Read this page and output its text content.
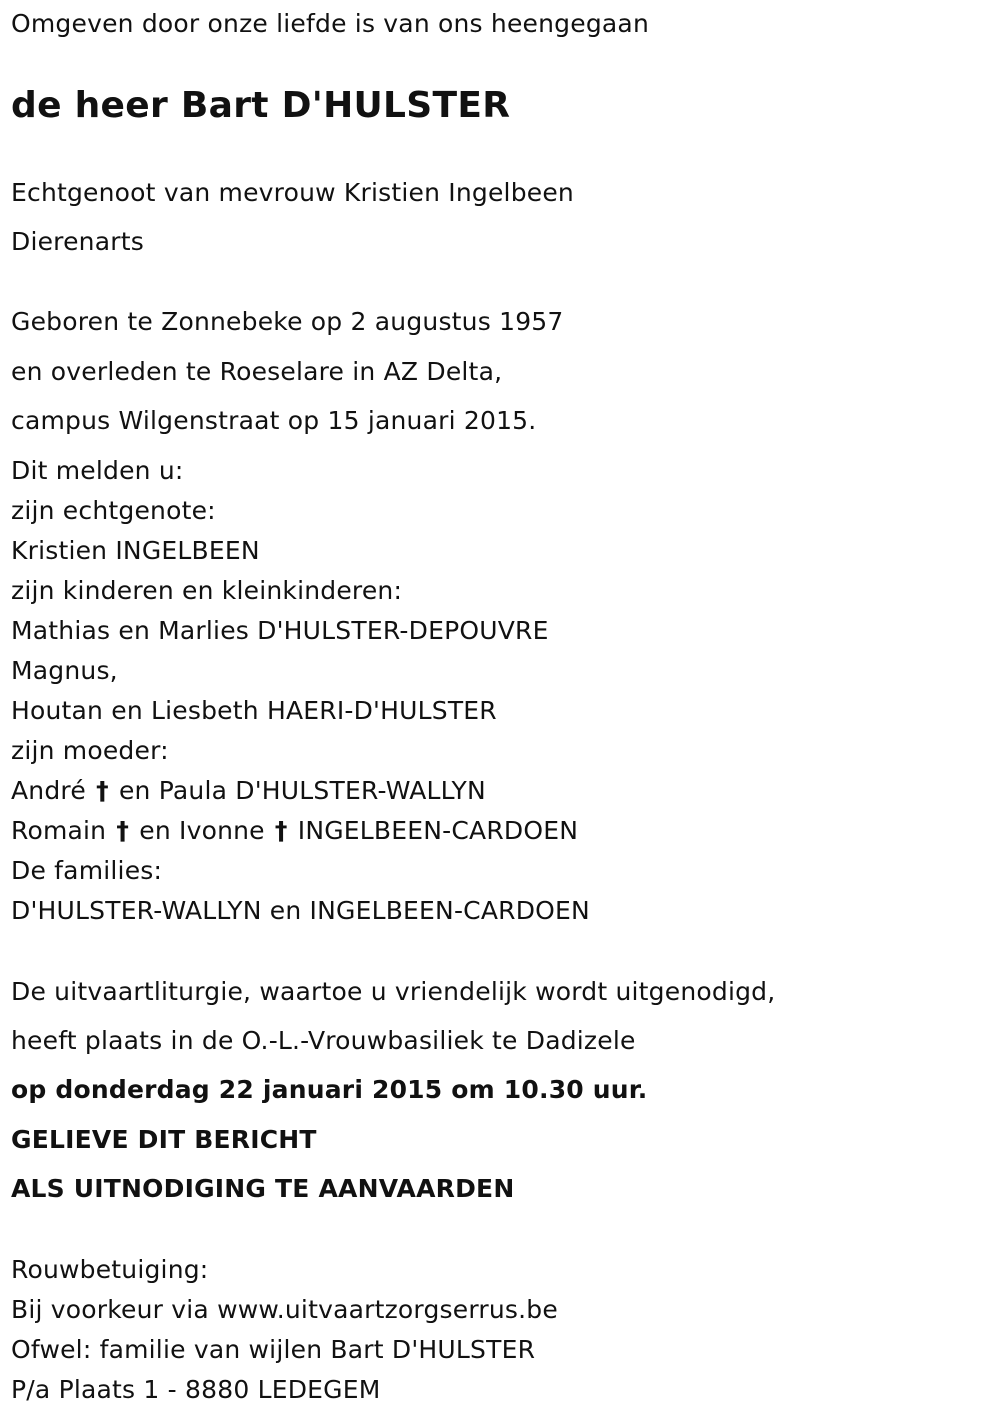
Omgeven door onze liefde is van ons heengegaan
de heer Bart D'HULSTER
Echtgenoot van mevrouw Kristien Ingelbeen
Dierenarts
Geboren te Zonnebeke op 2 augustus 1957
en overleden te Roeselare in AZ Delta,
campus Wilgenstraat op 15 januari 2015.
Dit melden u:
zijn echtgenote:
Kristien INGELBEEN
zijn kinderen en kleinkinderen:
Mathias en Marlies D'HULSTER-DEPOUVRE
Magnus,
Houtan en Liesbeth HAERI-D'HULSTER
zijn moeder:
André † en Paula D'HULSTER-WALLYN
Romain † en Ivonne † INGELBEEN-CARDOEN
De families:
D'HULSTER-WALLYN en INGELBEEN-CARDOEN
De uitvaartliturgie, waartoe u vriendelijk wordt uitgenodigd,
heeft plaats in de O.-L.-Vrouwbasiliek te Dadizele
op donderdag 22 januari 2015 om 10.30 uur.
GELIEVE DIT BERICHT
ALS UITNODIGING TE AANVAARDEN
Rouwbetuiging:
Bij voorkeur via www.uitvaartzorgserrus.be
Ofwel: familie van wijlen Bart D'HULSTER
P/a Plaats 1 - 8880 LEDEGEM
